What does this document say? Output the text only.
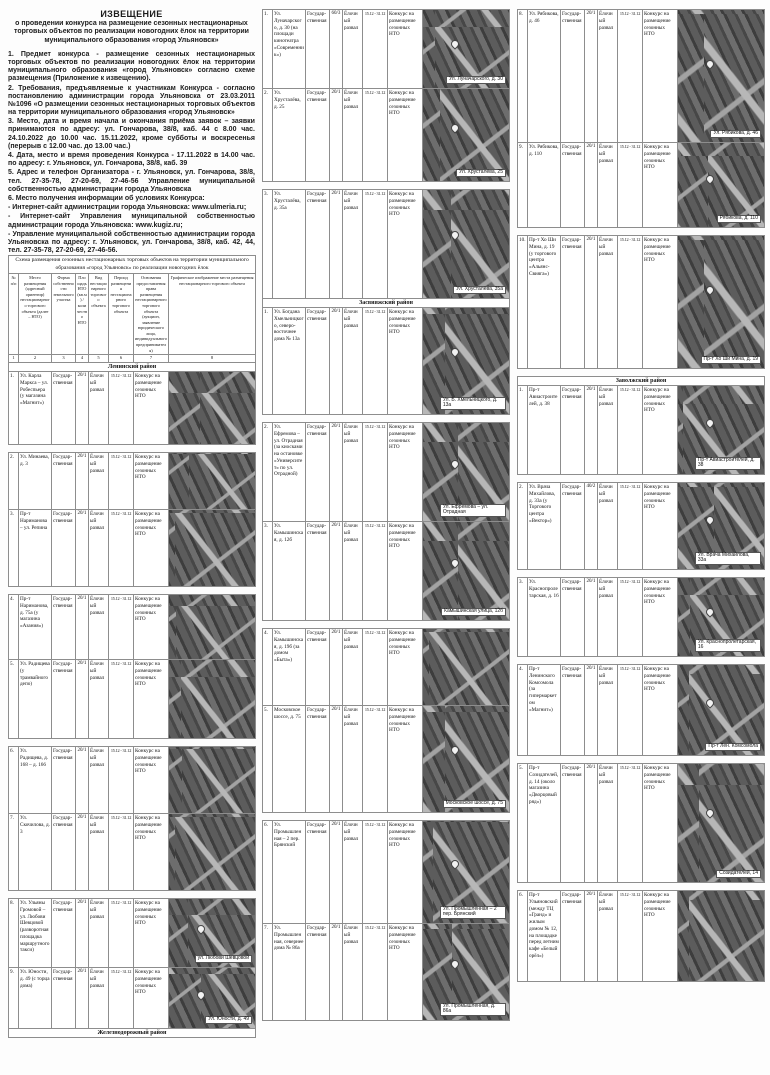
ИЗВЕЩЕНИЕ

о проведении конкурса на размещение сезонных нестационарных торговых объектов по реализации новогодних ёлок на территории муниципального образования «город Ульяновск»

1. Предмет конкурса - размещение сезонных нестационарных торговых объектов по реализации новогодних ёлок на территории муниципального образования «город Ульяновск» согласно схеме размещения (Приложение к извещению).

2. Требования, предъявляемые к участникам Конкурса - согласно постановлению администрации города Ульяновска от 23.03.2011 №1096 «О размещении сезонных нестационарных торговых объектов на территории муниципального образования «город Ульяновск»

3. Место, дата и время начала и окончания приёма заявок – заявки принимаются по адресу: ул. Гончарова, 38/8, каб. 44 с 8.00 час. 24.10.2022 до 10.00 час. 15.11.2022, кроме субботы и воскресенья (перерыв с 12.00 час. до 13.00 час.)

4. Дата, место и время проведения Конкурса - 17.11.2022 в 14.00 час. по адресу: г. Ульяновск, ул. Гончарова, 38/8, каб. 39

5. Адрес и телефон Организатора - г. Ульяновск, ул. Гончарова, 38/8, тел. 27-35-78, 27-20-69, 27-46-56 Управление муниципальной собственностью администрации города Ульяновска

6. Место получения информации об условиях Конкурса:

- Интернет-сайт администрации города Ульяновска: www.ulmeria.ru;

- Интернет-сайт Управления муниципальной собственностью администрации города Ульяновска: www.kugiz.ru;

- Управление муниципальной собственностью администрации города Ульяновска по адресу: г. Ульяновск, ул. Гончарова, 38/8, каб. 42, 44, тел. 27-35-78, 27-20-69, 27-46-56.

Схема размещения сезонных нестационарных торговых объектов на территории муниципального образования «город Ульяновск» по реализации новогодних ёлок							
№ п/п	Место размещения (адресный ориентир) нестационарного торгового объекта (далее – НТО)	Форма собственности земельного участка	Площадь НТО (кв.м) / количество НТО	Вид нестационарного торгового объекта	Период размещения нестационарного торгового объекта	Основания предоставления права размещения нестационарного торгового объекта (аукцион, заявление юридического лица, индивидуального предпринимателя)	Графическое изображение места размещения нестационарного торгового объекта
1	2	3	4	5	6	7	8
Ленинский район							
1.	Ул. Карла Маркса – ул. Робеспьера (у магазина «Магнит»)	Государственная	20/1	Ёлочный развал	15.12 - 31.12	Конкурс на размещение сезонных НТО	
2.	Ул. Минаева, д. 3	Государственная	20/1	Ёлочный развал	15.12 - 31.12	Конкурс на размещение сезонных НТО	

3.	Пр-т Нариманова – ул. Репина	Государственная	20/1	Ёлочный развал	15.12 - 31.12	Конкурс на размещение сезонных НТО	
4.	Пр-т Нариманова, д. 75а (у магазина «Азания»)	Государственная	20/1	Ёлочный развал	15.12 - 31.12	Конкурс на размещение сезонных НТО	

5.	Ул. Радищева (у трамвайного депо)	Государственная	20/1	Ёлочный развал	15.12 - 31.12	Конкурс на размещение сезонных НТО	
6.	Ул. Радищева, д. 168 – д. 166	Государственная	20/1	Ёлочный развал	15.12 - 31.12	Конкурс на размещение сезонных НТО	

7.	Ул. Скочилова, д. 3	Государственная	20/1	Ёлочный развал	15.12 - 31.12	Конкурс на размещение сезонных НТО	
8.	Ул. Ульяны Громовой – ул. Любови Шевцовой (разворотная площадка маршрутного такси)	Государственная	20/1	Ёлочный развал	15.12 - 31.12	Конкурс на размещение сезонных НТО	ул. Любови Шевцовой

9.	Ул. Юности, д. 49 (с торца дома)	Государственная	20/1	Ёлочный развал	15.12 - 31.12	Конкурс на размещение сезонных НТО	Ул. Юности, д. 49

Железнодорожный район							
1.	Ул. Луначарского, д. 30 (на площади кинотеатра «Современник»)	Государственная	60/3	Ёлочный развал	15.12 - 31.12	Конкурс на размещение сезонных НТО	Ул. Луначарского, д. 30

2.	Ул. Хрусталёва, д. 25	Государственная	20/1	Ёлочный развал	15.12 - 31.12	Конкурс на размещение сезонных НТО	Ул. Хрусталёва, 25
3.	Ул. Хрусталёва, д. 35а	Государственная	20/1	Ёлочный развал	15.12 - 31.12	Конкурс на размещение сезонных НТО	Ул. Хрусталёва, 35а

Засвияжский район							
1.	Ул. Богдана Хмельницкого, северо-восточнее дома № 13а	Государственная	20/1	Ёлочный развал	15.12 - 31.12	Конкурс на размещение сезонных НТО	Ул. Б. Хмельницкого, д. 13а
2.	Ул. Ефремова – ул. Отрадная (за киосками на остановке «Университет» по ул. Отрадной)	Государственная	20/1	Ёлочный развал	15.12 - 31.12	Конкурс на размещение сезонных НТО	Ул. Ефремова – ул. Отрадная

3.	Ул. Камышинская, д. 12б	Государственная	20/1	Ёлочный развал	15.12 - 31.12	Конкурс на размещение сезонных НТО	Камышинская улица, 12б
4.	Ул. Камышинская, д. 19б (за домом «Быта»)	Государственная	20/1	Ёлочный развал	15.12 - 31.12	Конкурс на размещение сезонных НТО	

5.	Московское шоссе, д. 75	Государственная	20/1	Ёлочный развал	15.12 - 31.12	Конкурс на размещение сезонных НТО	Московское шоссе, д. 75
6.	Ул. Промышленная – 2 пер. Брянский	Государственная	20/1	Ёлочный развал	15.12 - 31.12	Конкурс на размещение сезонных НТО	Ул. Промышленная – 2 пер. Брянский

7.	Ул. Промышленная, севернее дома № 86а	Государственная	20/1	Ёлочный развал	15.12 - 31.12	Конкурс на размещение сезонных НТО	Ул. Промышленная, д. 86а
8.	Ул. Рябикова, д. 46	Государственная	20/1	Ёлочный развал	15.12 - 31.12	Конкурс на размещение сезонных НТО	Ул. Рябикова, д. 46

9.	Ул. Рябикова, д. 110	Государственная	20/1	Ёлочный развал	15.12 - 31.12	Конкурс на размещение сезонных НТО	Рябикова, д. 110
10.	Пр-т Хо Ши Мина, д. 19 (у торгового центра «Альянс-Свияга»)	Государственная	20/1	Ёлочный развал	15.12 - 31.12	Конкурс на размещение сезонных НТО	
Пр-т Хо Ши Мина, д. 19
Заволжский район
1.	Пр-т Авиастроителей, д. 38	Государственная	20/1	Ёлочный развал	15.12 - 31.12	Конкурс на размещение сезонных НТО	
Пр-т Авиастроителей, д. 38
2.	Ул. Врача Михайлова, д. 33а (у Торгового центра «Вектор»)	Государственная	40/2	Ёлочный развал	15.12 - 31.12	Конкурс на размещение сезонных НТО	
Ул. Врача Михайлова, 33а
3.	Ул. Краснопролетарская, д. 16	Государственная	20/1	Ёлочный развал	15.12 - 31.12	Конкурс на размещение сезонных НТО	
Ул. Краснопролетарская, 16
4.	Пр-т Ленинского Комсомола (за гипермаркетом «Магнит»)	Государственная	20/1	Ёлочный развал	15.12 - 31.12	Конкурс на размещение сезонных НТО	
Пр-т Лен. Комсомола
5.	Пр-т Созидателей, д. 14 (около магазина «Дворцовый ряд»)	Государственная	20/1	Ёлочный развал	15.12 - 31.12	Конкурс на размещение сезонных НТО	
Созидателей, 14
6.	Пр-т Ульяновский (между ТЦ «Гранд» и жилым домом № 12, на площадке перед летним кафе «Белый орёл»)	Государственная	20/1	Ёлочный развал	15.12 - 31.12	Конкурс на размещение сезонных НТО	
